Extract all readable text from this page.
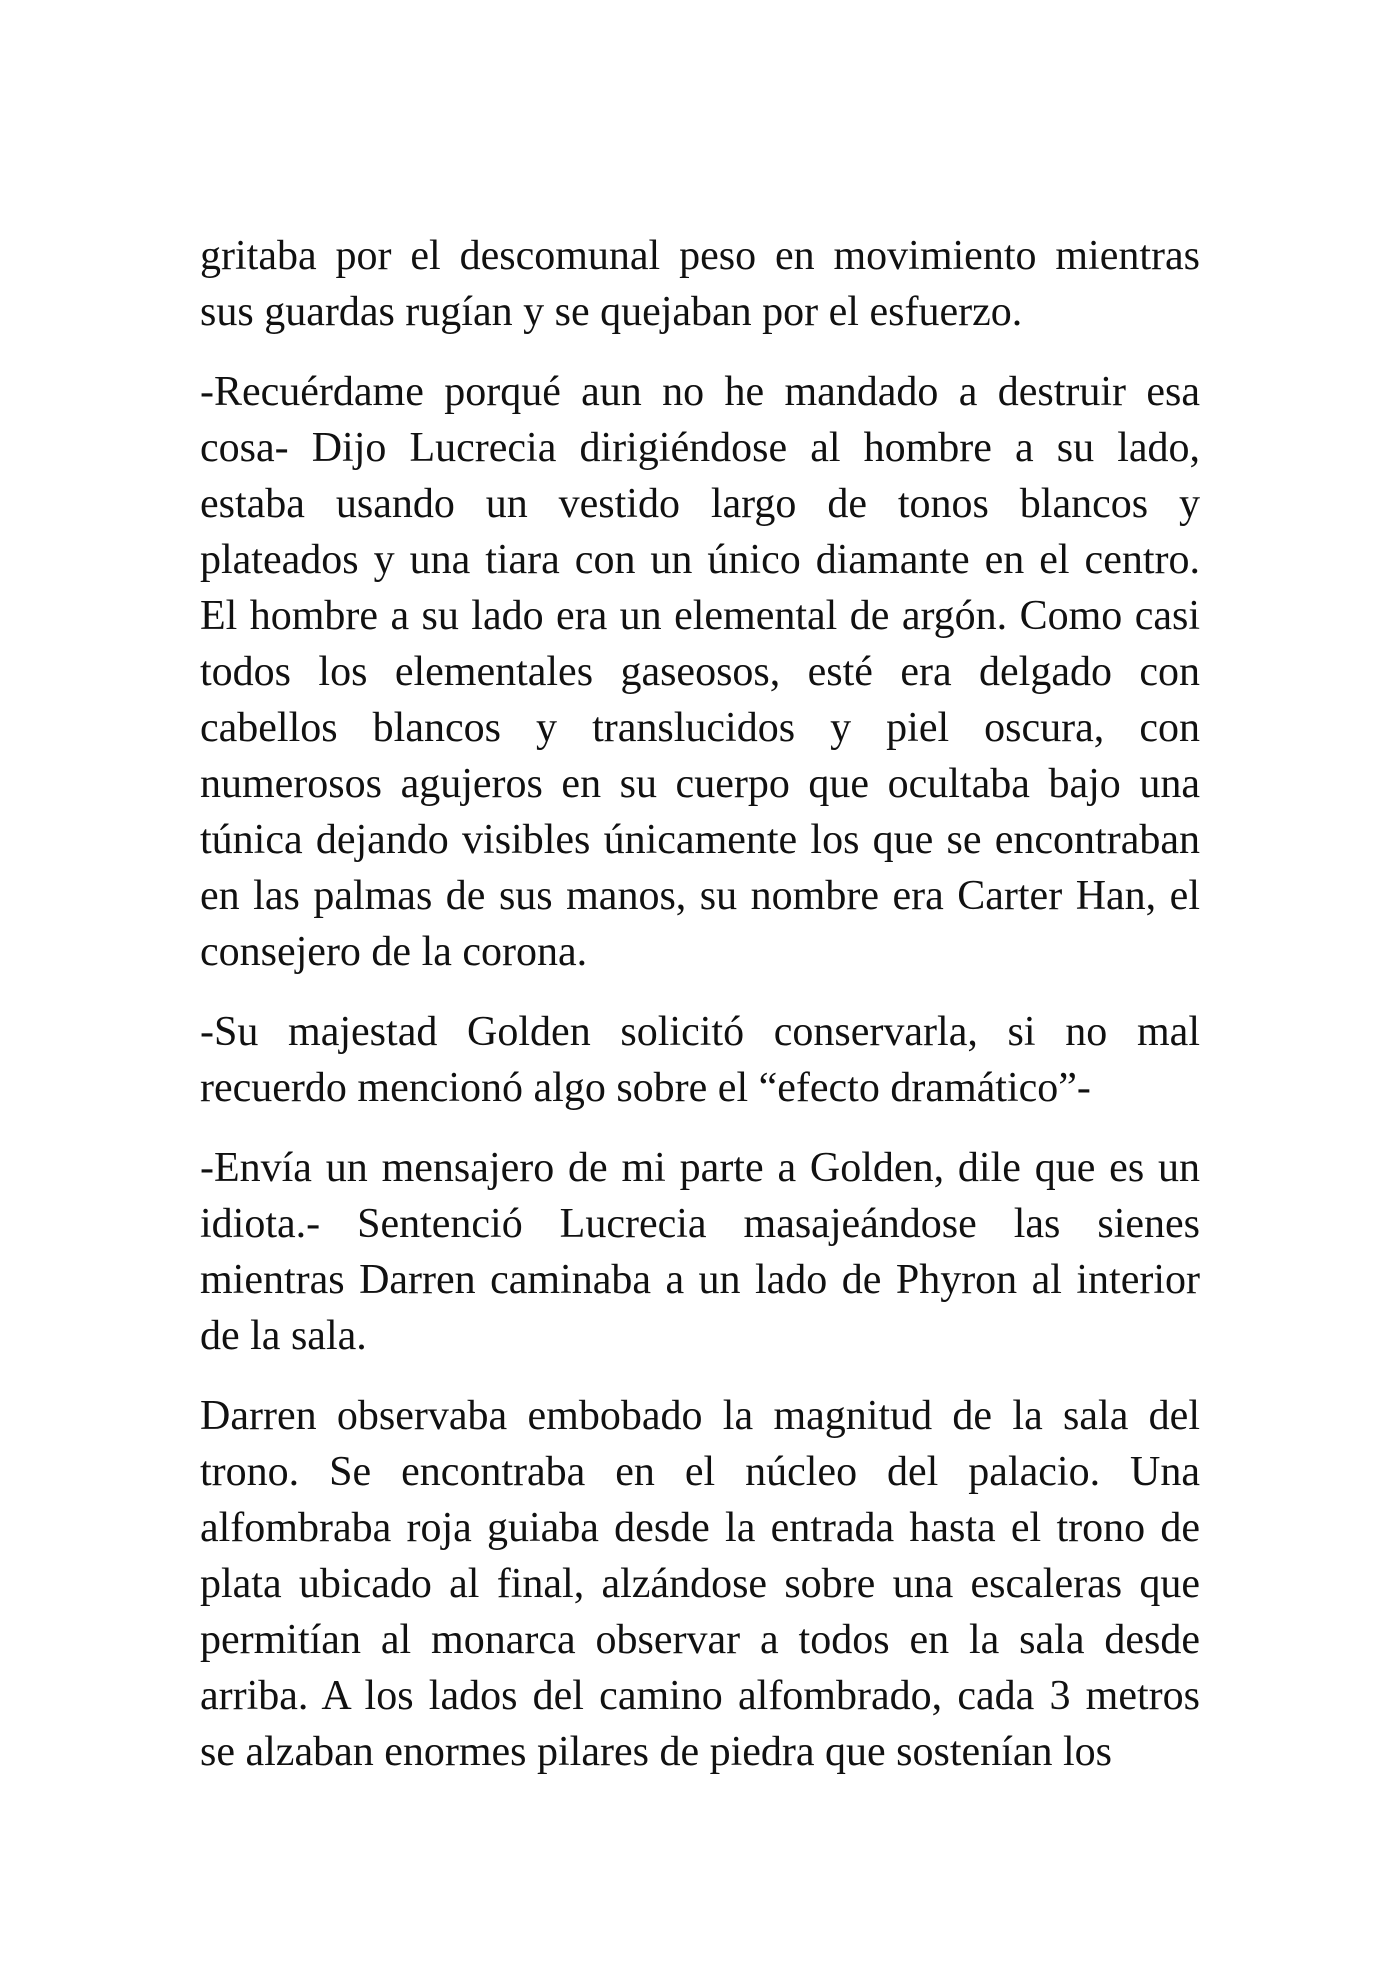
gritaba por el descomunal peso en movimiento mientras sus guardas rugían y se quejaban por el esfuerzo.

-Recuérdame porqué aun no he mandado a destruir esa cosa- Dijo Lucrecia dirigiéndose al hombre a su lado, estaba usando un vestido largo de tonos blancos y plateados y una tiara con un único diamante en el centro. El hombre a su lado era un elemental de argón. Como casi todos los elementales gaseosos, esté era delgado con cabellos blancos y translucidos y piel oscura, con numerosos agujeros en su cuerpo que ocultaba bajo una túnica dejando visibles únicamente los que se encontraban en las palmas de sus manos, su nombre era Carter Han, el consejero de la corona.

-Su majestad Golden solicitó conservarla, si no mal recuerdo mencionó algo sobre el “efecto dramático”-

-Envía un mensajero de mi parte a Golden, dile que es un idiota.- Sentenció Lucrecia masajeándose las sienes mientras Darren caminaba a un lado de Phyron al interior de la sala.

Darren observaba embobado la magnitud de la sala del trono. Se encontraba en el núcleo del palacio. Una alfombraba roja guiaba desde la entrada hasta el trono de plata ubicado al final, alzándose sobre una escaleras que permitían al monarca observar a todos en la sala desde arriba. A los lados del camino alfombrado, cada 3 metros se alzaban enormes pilares de piedra que sostenían los
